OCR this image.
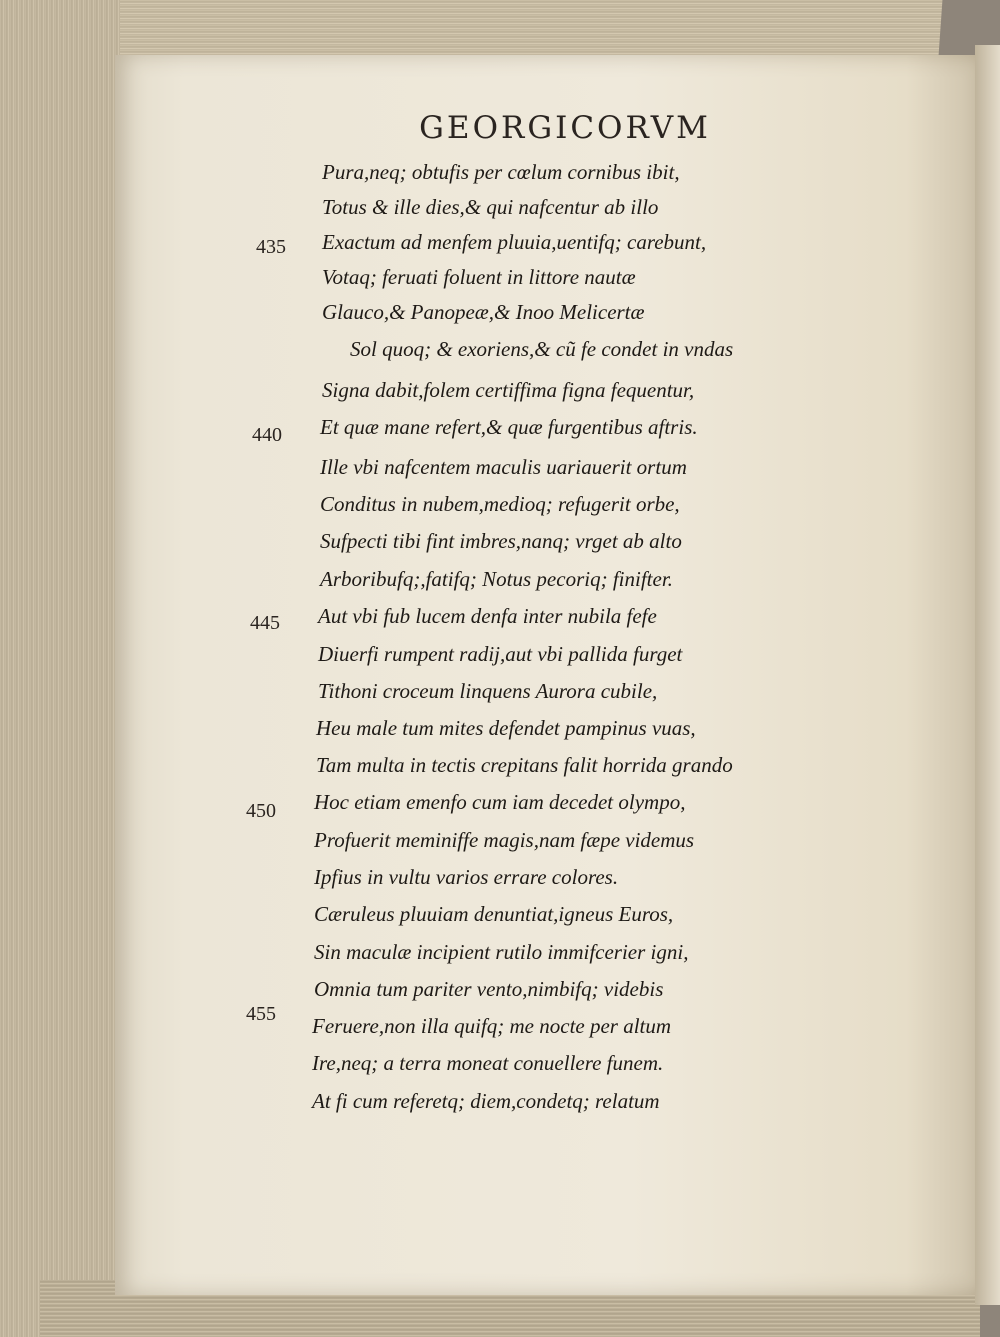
GEORGICORVM
Pura,neq; obtufis per cœlum cornibus ibit,
Totus & ille dies,& qui nafcentur ab illo
Exactum ad menfem pluuia,uentifq; carebunt,
Votaq; feruati foluent in littore nautæ
Glauco,& Panopeæ,& Inoo Melicertæ
Sol quoq; & exoriens,& cũ fe condet in vndas
Signa dabit,folem certiffima figna fequentur,
Et quæ mane refert,& quæ furgentibus aftris.
Ille vbi nafcentem maculis uariauerit ortum
Conditus in nubem,medioq; refugerit orbe,
Sufpecti tibi fint imbres,nanq; vrget ab alto
Arboribufq;,fatifq; Notus pecoriq; finifter.
Aut vbi fub lucem denfa inter nubila fefe
Diuerfi rumpent radij,aut vbi pallida furget
Tithoni croceum linquens Aurora cubile,
Heu male tum mites defendet pampinus vuas,
Tam multa in tectis crepitans falit horrida grando
Hoc etiam emenfo cum iam decedet olympo,
Profuerit meminiffe magis,nam fæpe videmus
Ipfius in vultu varios errare colores.
Cæruleus pluuiam denuntiat,igneus Euros,
Sin maculæ incipient rutilo immifcerier igni,
Omnia tum pariter vento,nimbifq; videbis
Feruere,non illa quifq; me nocte per altum
Ire,neq; a terra moneat conuellere funem.
At fi cum referetq; diem,condetq; relatum
435
440
445
450
455
